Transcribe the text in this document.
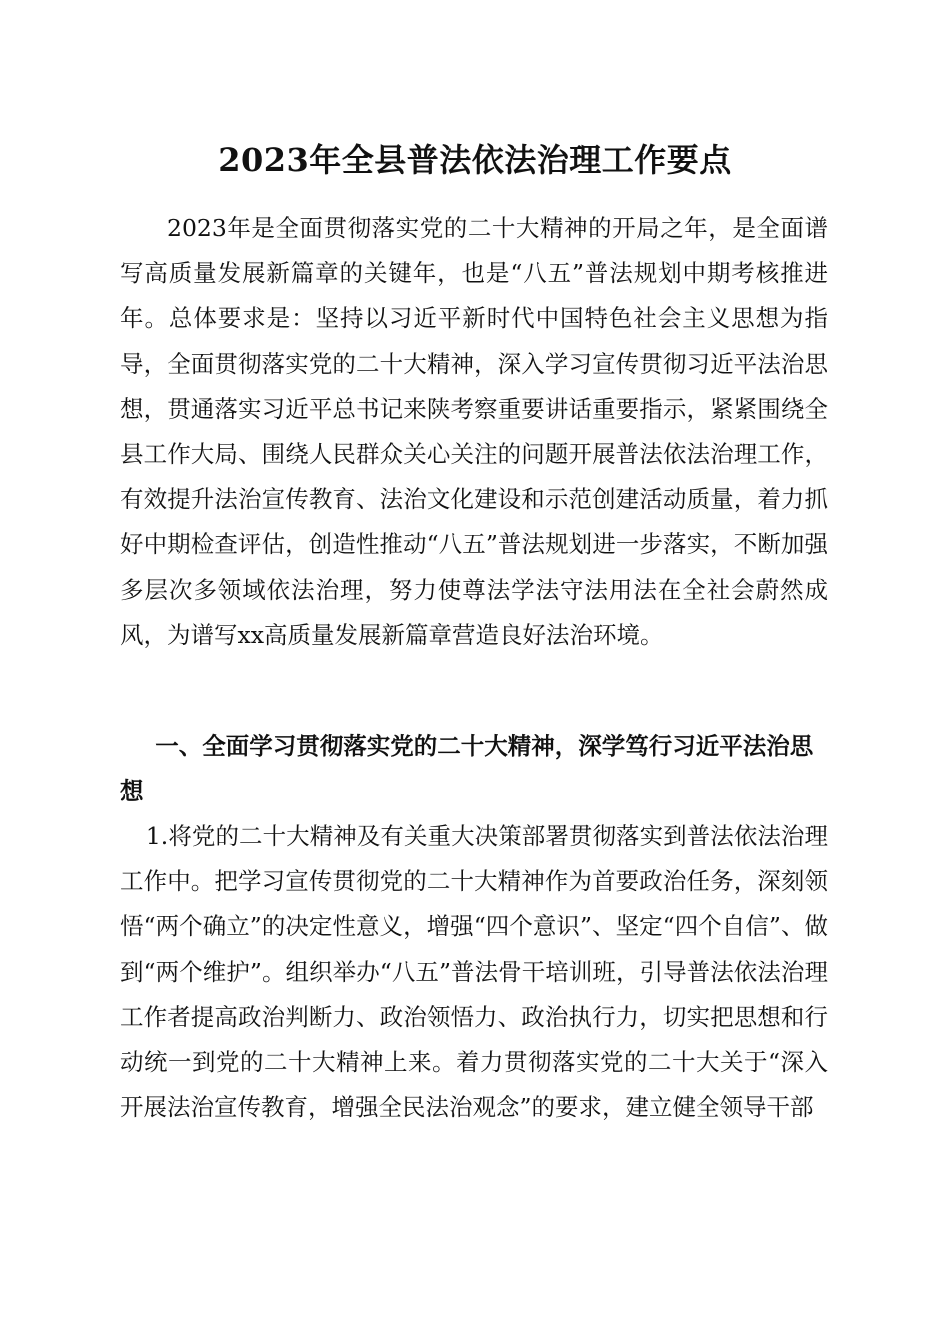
2023年全县普法依法治理工作要点

2023年是全面贯彻落实党的二十大精神的开局之年，是全面谱写高质量发展新篇章的关键年，也是“八五”普法规划中期考核推进年。总体要求是：坚持以习近平新时代中国特色社会主义思想为指导，全面贯彻落实党的二十大精神，深入学习宣传贯彻习近平法治思想，贯通落实习近平总书记来陕考察重要讲话重要指示，紧紧围绕全县工作大局、围绕人民群众关心关注的问题开展普法依法治理工作，有效提升法治宣传教育、法治文化建设和示范创建活动质量，着力抓好中期检查评估，创造性推动“八五”普法规划进一步落实，不断加强多层次多领域依法治理，努力使尊法学法守法用法在全社会蔚然成风，为谱写xx高质量发展新篇章营造良好法治环境。

一、全面学习贯彻落实党的二十大精神，深学笃行习近平法治思想

1.将党的二十大精神及有关重大决策部署贯彻落实到普法依法治理工作中。把学习宣传贯彻党的二十大精神作为首要政治任务，深刻领悟“两个确立”的决定性意义，增强“四个意识”、坚定“四个自信”、做到“两个维护”。组织举办“八五”普法骨干培训班，引导普法依法治理工作者提高政治判断力、政治领悟力、政治执行力，切实把思想和行动统一到党的二十大精神上来。着力贯彻落实党的二十大关于“深入开展法治宣传教育，增强全民法治观念”的要求，建立健全领导干部
